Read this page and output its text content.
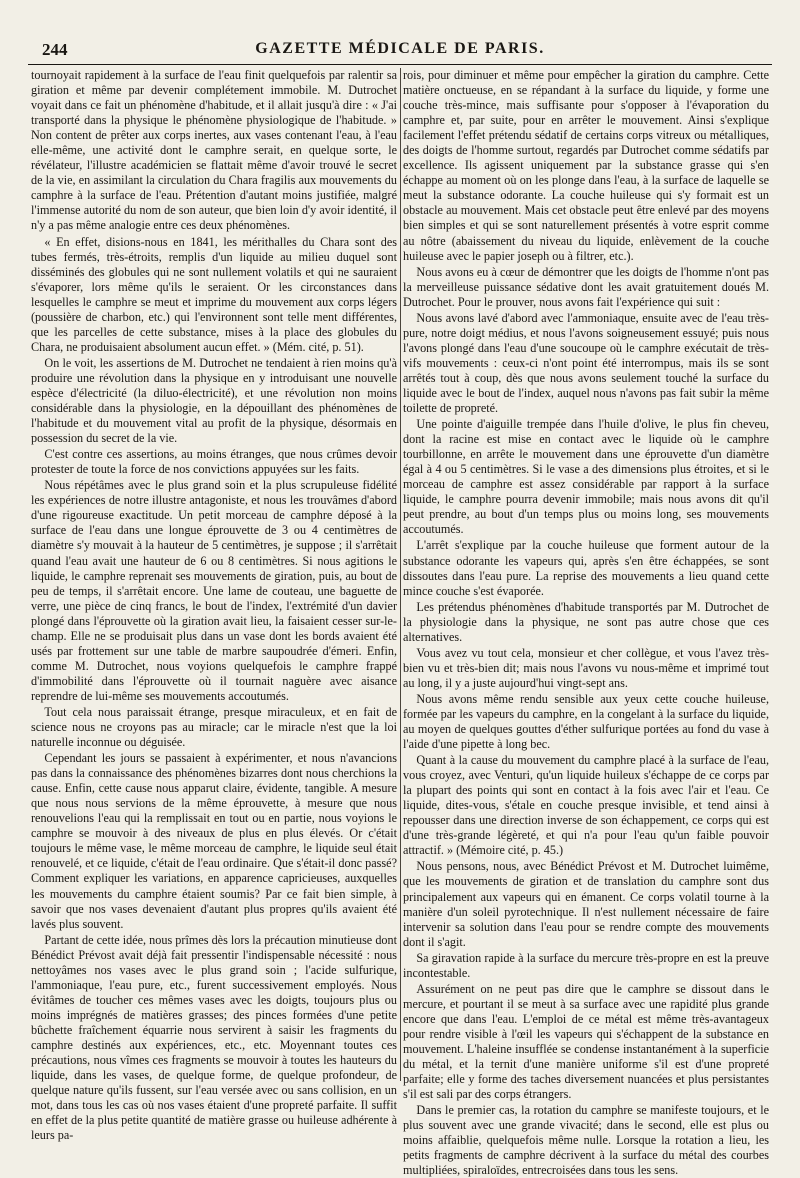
244	GAZETTE MÉDICALE DE PARIS.

tournoyait rapidement à la surface de l'eau finit quelquefois par ralentir sa giration et même par devenir complétement immobile. M. Dutrochet voyait dans ce fait un phénomène d'habitude, et il allait jusqu'à dire : « J'ai transporté dans la physique le phénomène physiologique de l'habitude. » Non content de prêter aux corps inertes, aux vases contenant l'eau, à l'eau elle-même, une activité dont le camphre serait, en quelque sorte, le révélateur, l'illustre académicien se flattait même d'avoir trouvé le secret de la vie, en assimilant la circulation du Chara fragilis aux mouvements du camphre à la surface de l'eau. Prétention d'autant moins justifiée, malgré l'immense autorité du nom de son auteur, que bien loin d'y avoir identité, il n'y a pas même analogie entre ces deux phénomènes.

« En effet, disions-nous en 1841, les mérithalles du Chara sont des tubes fermés, très-étroits, remplis d'un liquide au milieu duquel sont disséminés des globules qui ne sont nullement volatils et qui ne sauraient s'évaporer, lors même qu'ils le seraient. Or les circonstances dans lesquelles le camphre se meut et imprime du mouvement aux corps légers (poussière de charbon, etc.) qui l'environnent sont telle ment différentes, que les parcelles de cette substance, mises à la place des globules du Chara, ne produisaient absolument aucun effet. » (Mém. cité, p. 51).

On le voit, les assertions de M. Dutrochet ne tendaient à rien moins qu'à produire une révolution dans la physique en y introduisant une nouvelle espèce d'électricité (la diluo-électricité), et une révolution non moins considérable dans la physiologie, en la dépouillant des phénomènes de l'habitude et du mouvement vital au profit de la physique, désormais en possession du secret de la vie.

C'est contre ces assertions, au moins étranges, que nous crûmes devoir protester de toute la force de nos convictions appuyées sur les faits.

Nous répétâmes avec le plus grand soin et la plus scrupuleuse fidélité les expériences de notre illustre antagoniste, et nous les trouvâmes d'abord d'une rigoureuse exactitude. Un petit morceau de camphre déposé à la surface de l'eau dans une longue éprouvette de 3 ou 4 centimètres de diamètre s'y mouvait à la hauteur de 5 centimètres, je suppose ; il s'arrêtait quand l'eau avait une hauteur de 6 ou 8 centimètres. Si nous agitions le liquide, le camphre reprenait ses mouvements de giration, puis, au bout de peu de temps, il s'arrêtait encore. Une lame de couteau, une baguette de verre, une pièce de cinq francs, le bout de l'index, l'extrémité d'un davier plongé dans l'éprouvette où la giration avait lieu, la faisaient cesser sur-le-champ. Elle ne se produisait plus dans un vase dont les bords avaient été usés par frottement sur une table de marbre saupoudrée d'émeri. Enfin, comme M. Dutrochet, nous voyions quelquefois le camphre frappé d'immobilité dans l'éprouvette où il tournait naguère avec aisance reprendre de lui-même ses mouvements accoutumés.

Tout cela nous paraissait étrange, presque miraculeux, et en fait de science nous ne croyons pas au miracle; car le miracle n'est que la loi naturelle inconnue ou déguisée.

Cependant les jours se passaient à expérimenter, et nous n'avancions pas dans la connaissance des phénomènes bizarres dont nous cherchions la cause. Enfin, cette cause nous apparut claire, évidente, tangible. A mesure que nous nous servions de la même éprouvette, à mesure que nous renouvelions l'eau qui la remplissait en tout ou en partie, nous voyions le camphre se mouvoir à des niveaux de plus en plus élevés. Or c'était toujours le même vase, le même morceau de camphre, le liquide seul était renouvelé, et ce liquide, c'était de l'eau ordinaire. Que s'était-il donc passé? Comment expliquer les variations, en apparence capricieuses, auxquelles les mouvements du camphre étaient soumis? Par ce fait bien simple, à savoir que nos vases devenaient d'autant plus propres qu'ils avaient été lavés plus souvent.

Partant de cette idée, nous prîmes dès lors la précaution minutieuse dont Bénédict Prévost avait déjà fait pressentir l'indispensable nécessité : nous nettoyâmes nos vases avec le plus grand soin ; l'acide sulfurique, l'ammoniaque, l'eau pure, etc., furent successivement employés. Nous évitâmes de toucher ces mêmes vases avec les doigts, toujours plus ou moins imprégnés de matières grasses; des pinces formées d'une petite bûchette fraîchement équarrie nous servirent à saisir les fragments du camphre destinés aux expériences, etc., etc. Moyennant toutes ces précautions, nous vîmes ces fragments se mouvoir à toutes les hauteurs du liquide, dans les vases, de quelque forme, de quelque profondeur, de quelque nature qu'ils fussent, sur l'eau versée avec ou sans collision, en un mot, dans tous les cas où nos vases étaient d'une propreté parfaite. Il suffit en effet de la plus petite quantité de matière grasse ou huileuse adhérente à leurs pa-

rois, pour diminuer et même pour empêcher la giration du camphre. Cette matière onctueuse, en se répandant à la surface du liquide, y forme une couche très-mince, mais suffisante pour s'opposer à l'évaporation du camphre et, par suite, pour en arrêter le mouvement. Ainsi s'explique facilement l'effet prétendu sédatif de certains corps vitreux ou métalliques, des doigts de l'homme surtout, regardés par Dutrochet comme sédatifs par excellence. Ils agissent uniquement par la substance grasse qui s'en échappe au moment où on les plonge dans l'eau, à la surface de laquelle se meut la substance odorante. La couche huileuse qui s'y formait est un obstacle au mouvement. Mais cet obstacle peut être enlevé par des moyens bien simples et qui se sont naturellement présentés à votre esprit comme au nôtre (abaissement du niveau du liquide, enlèvement de la couche huileuse avec le papier joseph ou à filtrer, etc.).

Nous avons eu à cœur de démontrer que les doigts de l'homme n'ont pas la merveilleuse puissance sédative dont les avait gratuitement doués M. Dutrochet. Pour le prouver, nous avons fait l'expérience qui suit :

Nous avons lavé d'abord avec l'ammoniaque, ensuite avec de l'eau très-pure, notre doigt médius, et nous l'avons soigneusement essuyé; puis nous l'avons plongé dans l'eau d'une soucoupe où le camphre exécutait de très-vifs mouvements : ceux-ci n'ont point été interrompus, mais ils se sont arrêtés tout à coup, dès que nous avons seulement touché la surface du liquide avec le bout de l'index, auquel nous n'avons pas fait subir la même toilette de propreté.

Une pointe d'aiguille trempée dans l'huile d'olive, le plus fin cheveu, dont la racine est mise en contact avec le liquide où le camphre tourbillonne, en arrête le mouvement dans une éprouvette d'un diamètre égal à 4 ou 5 centimètres. Si le vase a des dimensions plus étroites, et si le morceau de camphre est assez considérable par rapport à la surface liquide, le camphre pourra devenir immobile; mais nous avons dit qu'il peut prendre, au bout d'un temps plus ou moins long, ses mouvements accoutumés.

L'arrêt s'explique par la couche huileuse que forment autour de la substance odorante les vapeurs qui, après s'en être échappées, se sont dissoutes dans l'eau pure. La reprise des mouvements a lieu quand cette mince couche s'est évaporée.

Les prétendus phénomènes d'habitude transportés par M. Dutrochet de la physiologie dans la physique, ne sont pas autre chose que ces alternatives.

Vous avez vu tout cela, monsieur et cher collègue, et vous l'avez très-bien vu et très-bien dit; mais nous l'avons vu nous-même et imprimé tout au long, il y a juste aujourd'hui vingt-sept ans.

Nous avons même rendu sensible aux yeux cette couche huileuse, formée par les vapeurs du camphre, en la congelant à la surface du liquide, au moyen de quelques gouttes d'éther sulfurique portées au fond du vase à l'aide d'une pipette à long bec.

Quant à la cause du mouvement du camphre placé à la surface de l'eau, vous croyez, avec Venturi, qu'un liquide huileux s'échappe de ce corps par la plupart des points qui sont en contact à la fois avec l'air et l'eau. Ce liquide, dites-vous, s'étale en couche presque invisible, et tend ainsi à repousser dans une direction inverse de son échappement, ce corps qui est d'une très-grande légèreté, et qui n'a pour l'eau qu'un faible pouvoir attractif. » (Mémoire cité, p. 45.)

Nous pensons, nous, avec Bénédict Prévost et M. Dutrochet luimême, que les mouvements de giration et de translation du camphre sont dus principalement aux vapeurs qui en émanent. Ce corps volatil tourne à la manière d'un soleil pyrotechnique. Il n'est nullement nécessaire de faire intervenir sa solution dans l'eau pour se rendre compte des mouvements dont il s'agit.

Sa giravation rapide à la surface du mercure très-propre en est la preuve incontestable.

Assurément on ne peut pas dire que le camphre se dissout dans le mercure, et pourtant il se meut à sa surface avec une rapidité plus grande encore que dans l'eau. L'emploi de ce métal est même très-avantageux pour rendre visible à l'œil les vapeurs qui s'échappent de la substance en mouvement. L'haleine insufflée se condense instantanément à la superficie du métal, et la ternit d'une manière uniforme s'il est d'une propreté parfaite; elle y forme des taches diversement nuancées et plus persistantes s'il est sali par des corps étrangers.

Dans le premier cas, la rotation du camphre se manifeste toujours, et le plus souvent avec une grande vivacité; dans le second, elle est plus ou moins affaiblie, quelquefois même nulle. Lorsque la rotation a lieu, les petits fragments de camphre décrivent à la surface du métal des courbes multipliées, spiraloïdes, entrecroisées dans tous les sens.
